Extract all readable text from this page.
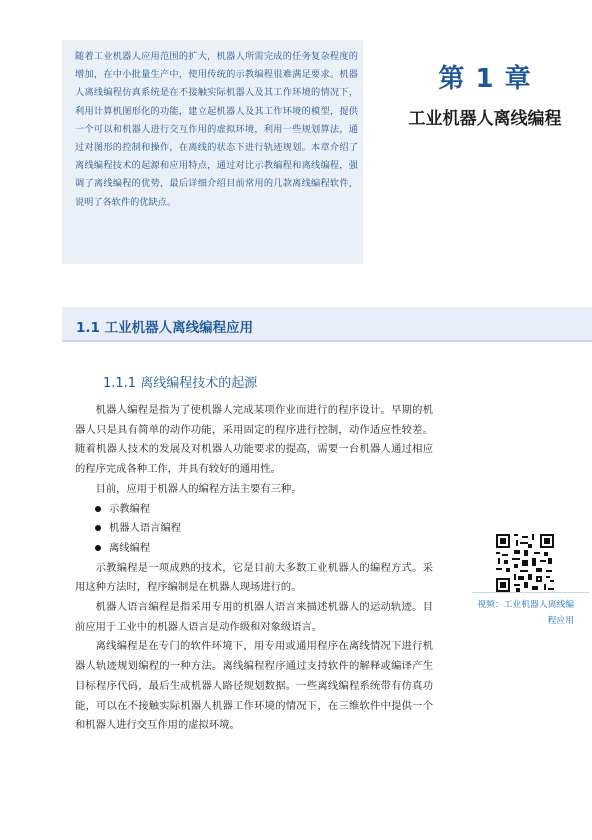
随着工业机器人应用范围的扩大，机器人所需完成的任务复杂程度的增加，在中小批量生产中，使用传统的示教编程很难满足要求。机器人离线编程仿真系统是在不接触实际机器人及其工作环境的情况下，利用计算机图形化的功能，建立起机器人及其工作环境的模型，提供一个可以和机器人进行交互作用的虚拟环境，利用一些规划算法，通过对图形的控制和操作，在离线的状态下进行轨迹规划。本章介绍了离线编程技术的起源和应用特点，通过对比示教编程和离线编程，强调了离线编程的优势，最后详细介绍目前常用的几款离线编程软件，说明了各软件的优缺点。
第 1 章
工业机器人离线编程
1.1 工业机器人离线编程应用
1.1.1 离线编程技术的起源

机器人编程是指为了使机器人完成某项作业而进行的程序设计。早期的机器人只是具有简单的动作功能，采用固定的程序进行控制，动作适应性较差。随着机器人技术的发展及对机器人功能要求的提高，需要一台机器人通过相应的程序完成各种工作，并具有较好的通用性。

目前，应用于机器人的编程方法主要有三种。

示教编程
机器人语言编程
离线编程

示教编程是一项成熟的技术，它是目前大多数工业机器人的编程方式。采用这种方法时，程序编制是在机器人现场进行的。

机器人语言编程是指采用专用的机器人语言来描述机器人的运动轨迹。目前应用于工业中的机器人语言是动作级和对象级语言。

离线编程是在专门的软件环境下，用专用或通用程序在离线情况下进行机器人轨迹规划编程的一种方法。离线编程程序通过支持软件的解释或编译产生目标程序代码，最后生成机器人路径规划数据。一些离线编程系统带有仿真功能，可以在不接触实际机器人机器工作环境的情况下，在三维软件中提供一个和机器人进行交互作用的虚拟环境。

视频：工业机器人离线编程应用
